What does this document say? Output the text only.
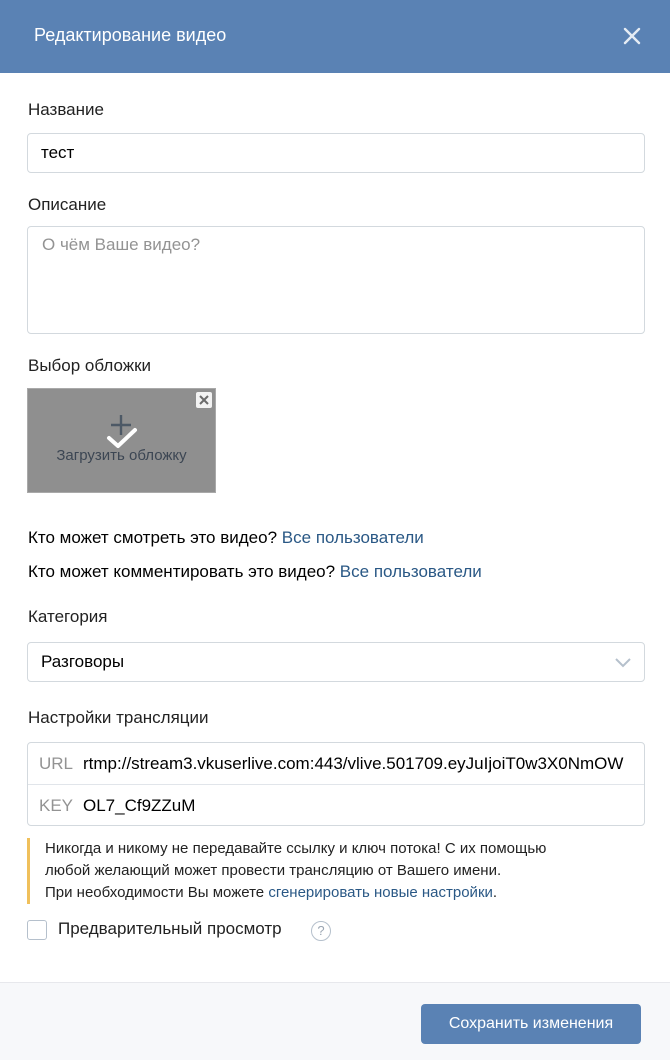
Редактирование видео
Название
тест
Описание
О чём Ваше видео?
Выбор обложки
Загрузить обложку
Кто может смотреть это видео? Все пользователи
Кто может комментировать это видео? Все пользователи
Категория
Разговоры
Настройки трансляции
URL rtmp://stream3.vkuserlive.com:443/vlive.501709.eyJuIjoiT0w3X0NmOW
KEY OL7_Cf9ZZuM

Никогда и никому не передавайте ссылку и ключ потока! С их помощью

любой желающий может провести трансляцию от Вашего имени.

При необходимости Вы можете сгенерировать новые настройки.

Предварительный просмотр	?
Сохранить изменения
